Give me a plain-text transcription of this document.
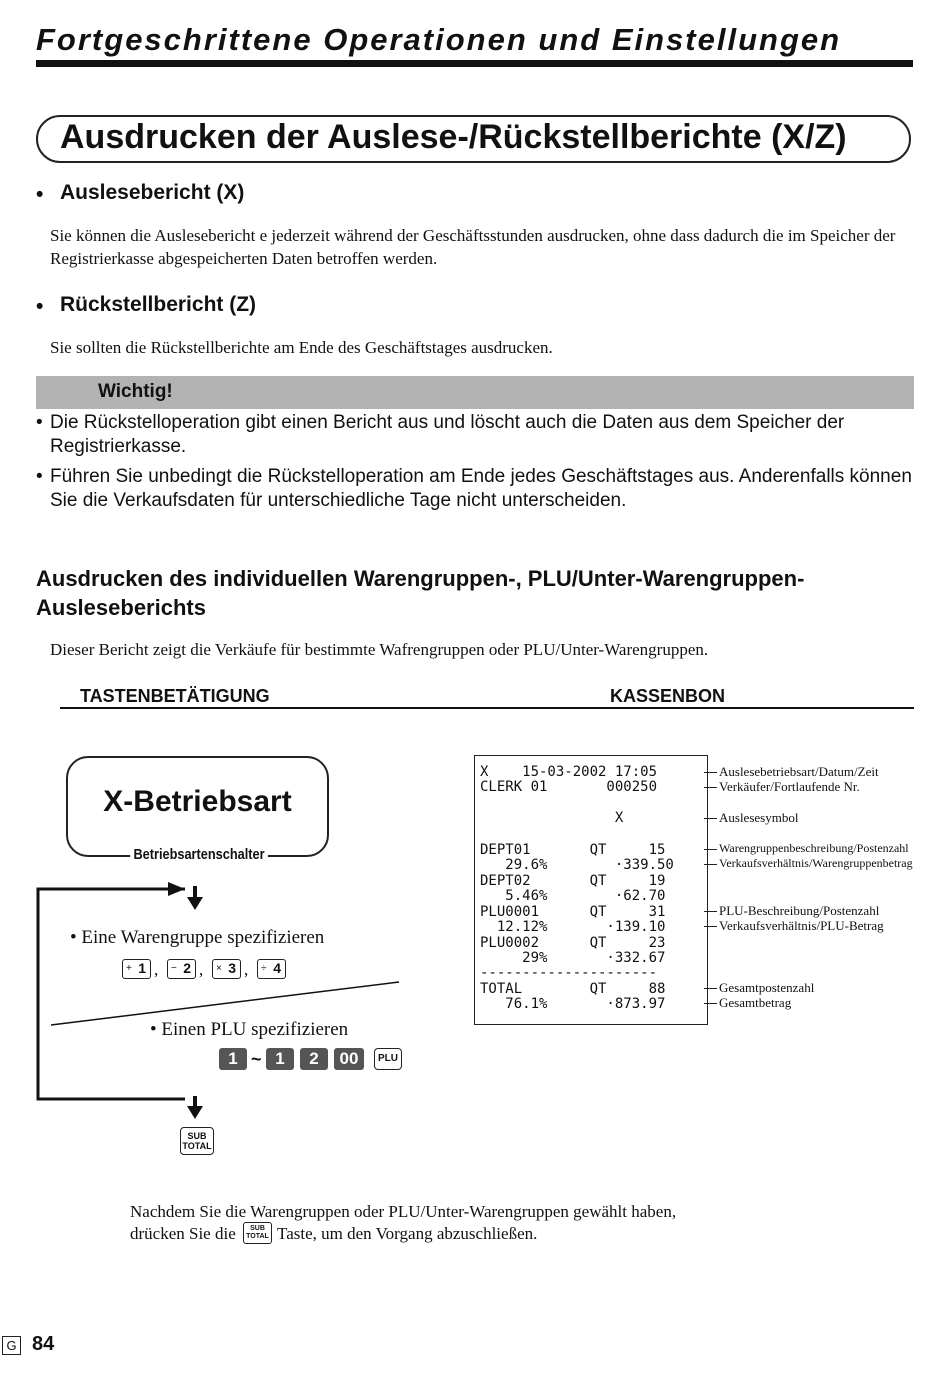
Fortgeschrittene Operationen und Einstellungen
Ausdrucken der Auslese-/Rückstellberichte (X/Z)
• Auslesebericht (X)
Sie können die Auslesebericht e jederzeit während der Geschäftsstunden ausdrucken, ohne dass dadurch die im Speicher der Registrierkasse abgespeicherten Daten betroffen werden.
• Rückstellbericht (Z)
Sie sollten die Rückstellberichte am Ende des Geschäftstages ausdrucken.
Wichtig!
• Die Rückstelloperation gibt einen Bericht aus und löscht auch die Daten aus dem Speicher der Registrierkasse.
• Führen Sie unbedingt die Rückstelloperation am Ende jedes Geschäftstages aus. Anderenfalls können Sie die Verkaufsdaten für unterschiedliche Tage nicht unterscheiden.
Ausdrucken des individuellen Warengruppen-, PLU/Unter-Warengruppen-Ausleseberichts
Dieser Bericht zeigt die Verkäufe für bestimmte Wafrengruppen oder PLU/Unter-Warengruppen.
TASTENBETÄTIGUNG	KASSENBON
X-Betriebsart
Betriebsartenschalter
• Eine Warengruppe spezifizieren
+ 1 , − 2 , × 3 , ÷ 4
• Einen PLU spezifizieren
1 ~ 1	2	00	PLU
SUB
TOTAL
X    15-03-2002 17:05
CLERK 01       000250
X
DEPT01       QT     15
29.6%        ·339.50
DEPT02       QT     19
5.46%        ·62.70
PLU0001      QT     31
12.12%       ·139.10
PLU0002      QT     23
29%       ·332.67
---------------------
TOTAL        QT     88
76.1%       ·873.97
Auslesebetriebsart/Datum/Zeit
Verkäufer/Fortlaufende Nr.
Auslesesymbol
Warengruppenbeschreibung/Postenzahl
Verkaufsverhältnis/Warengruppenbetrag
PLU-Beschreibung/Postenzahl
Verkaufsverhältnis/PLU-Betrag
Gesamtpostenzahl
Gesamtbetrag
Nachdem Sie die Warengruppen oder PLU/Unter-Warengruppen gewählt haben,
drücken Sie die	SUB
TOTAL Taste, um den Vorgang abzuschließen.
G 84
